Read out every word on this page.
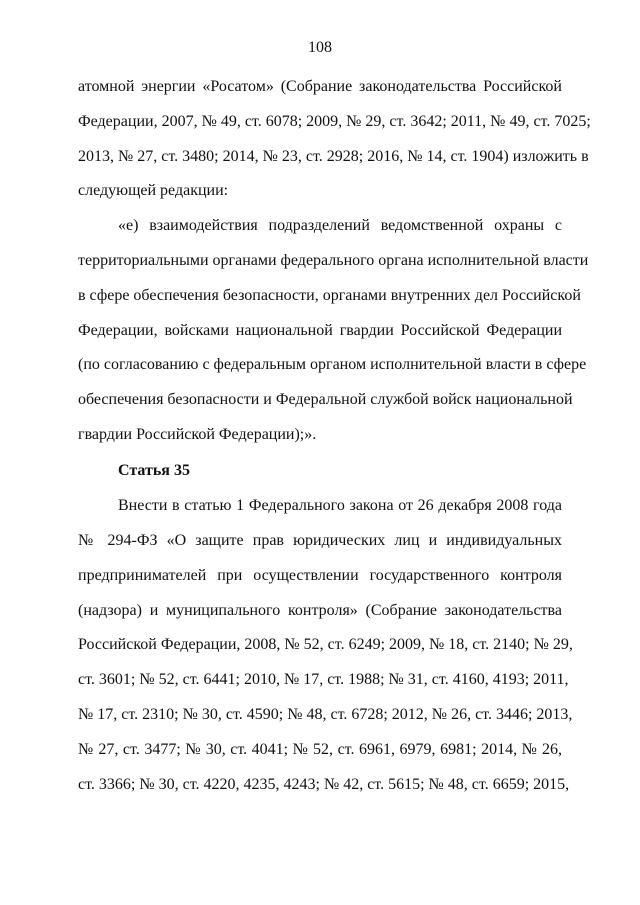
108
атомной энергии «Росатом» (Собрание законодательства Российской
Федерации, 2007, № 49, ст. 6078; 2009, № 29, ст. 3642; 2011, № 49, ст. 7025;
2013, № 27, ст. 3480; 2014, № 23, ст. 2928; 2016, № 14, ст. 1904) изложить в
следующей редакции:
«е) взаимодействия подразделений ведомственной охраны с
территориальными органами федерального органа исполнительной власти
в сфере обеспечения безопасности, органами внутренних дел Российской
Федерации, войсками национальной гвардии Российской Федерации
(по согласованию с федеральным органом исполнительной власти в сфере
обеспечения безопасности и Федеральной службой войск национальной
гвардии Российской Федерации);».
Статья 35
Внести в статью 1 Федерального закона от 26 декабря 2008 года
№ 294-ФЗ «О защите прав юридических лиц и индивидуальных
предпринимателей при осуществлении государственного контроля
(надзора) и муниципального контроля» (Собрание законодательства
Российской Федерации, 2008, № 52, ст. 6249; 2009, № 18, ст. 2140; № 29,
ст. 3601; № 52, ст. 6441; 2010, № 17, ст. 1988; № 31, ст. 4160, 4193; 2011,
№ 17, ст. 2310; № 30, ст. 4590; № 48, ст. 6728; 2012, № 26, ст. 3446; 2013,
№ 27, ст. 3477; № 30, ст. 4041; № 52, ст. 6961, 6979, 6981; 2014, № 26,
ст. 3366; № 30, ст. 4220, 4235, 4243; № 42, ст. 5615; № 48, ст. 6659; 2015,
